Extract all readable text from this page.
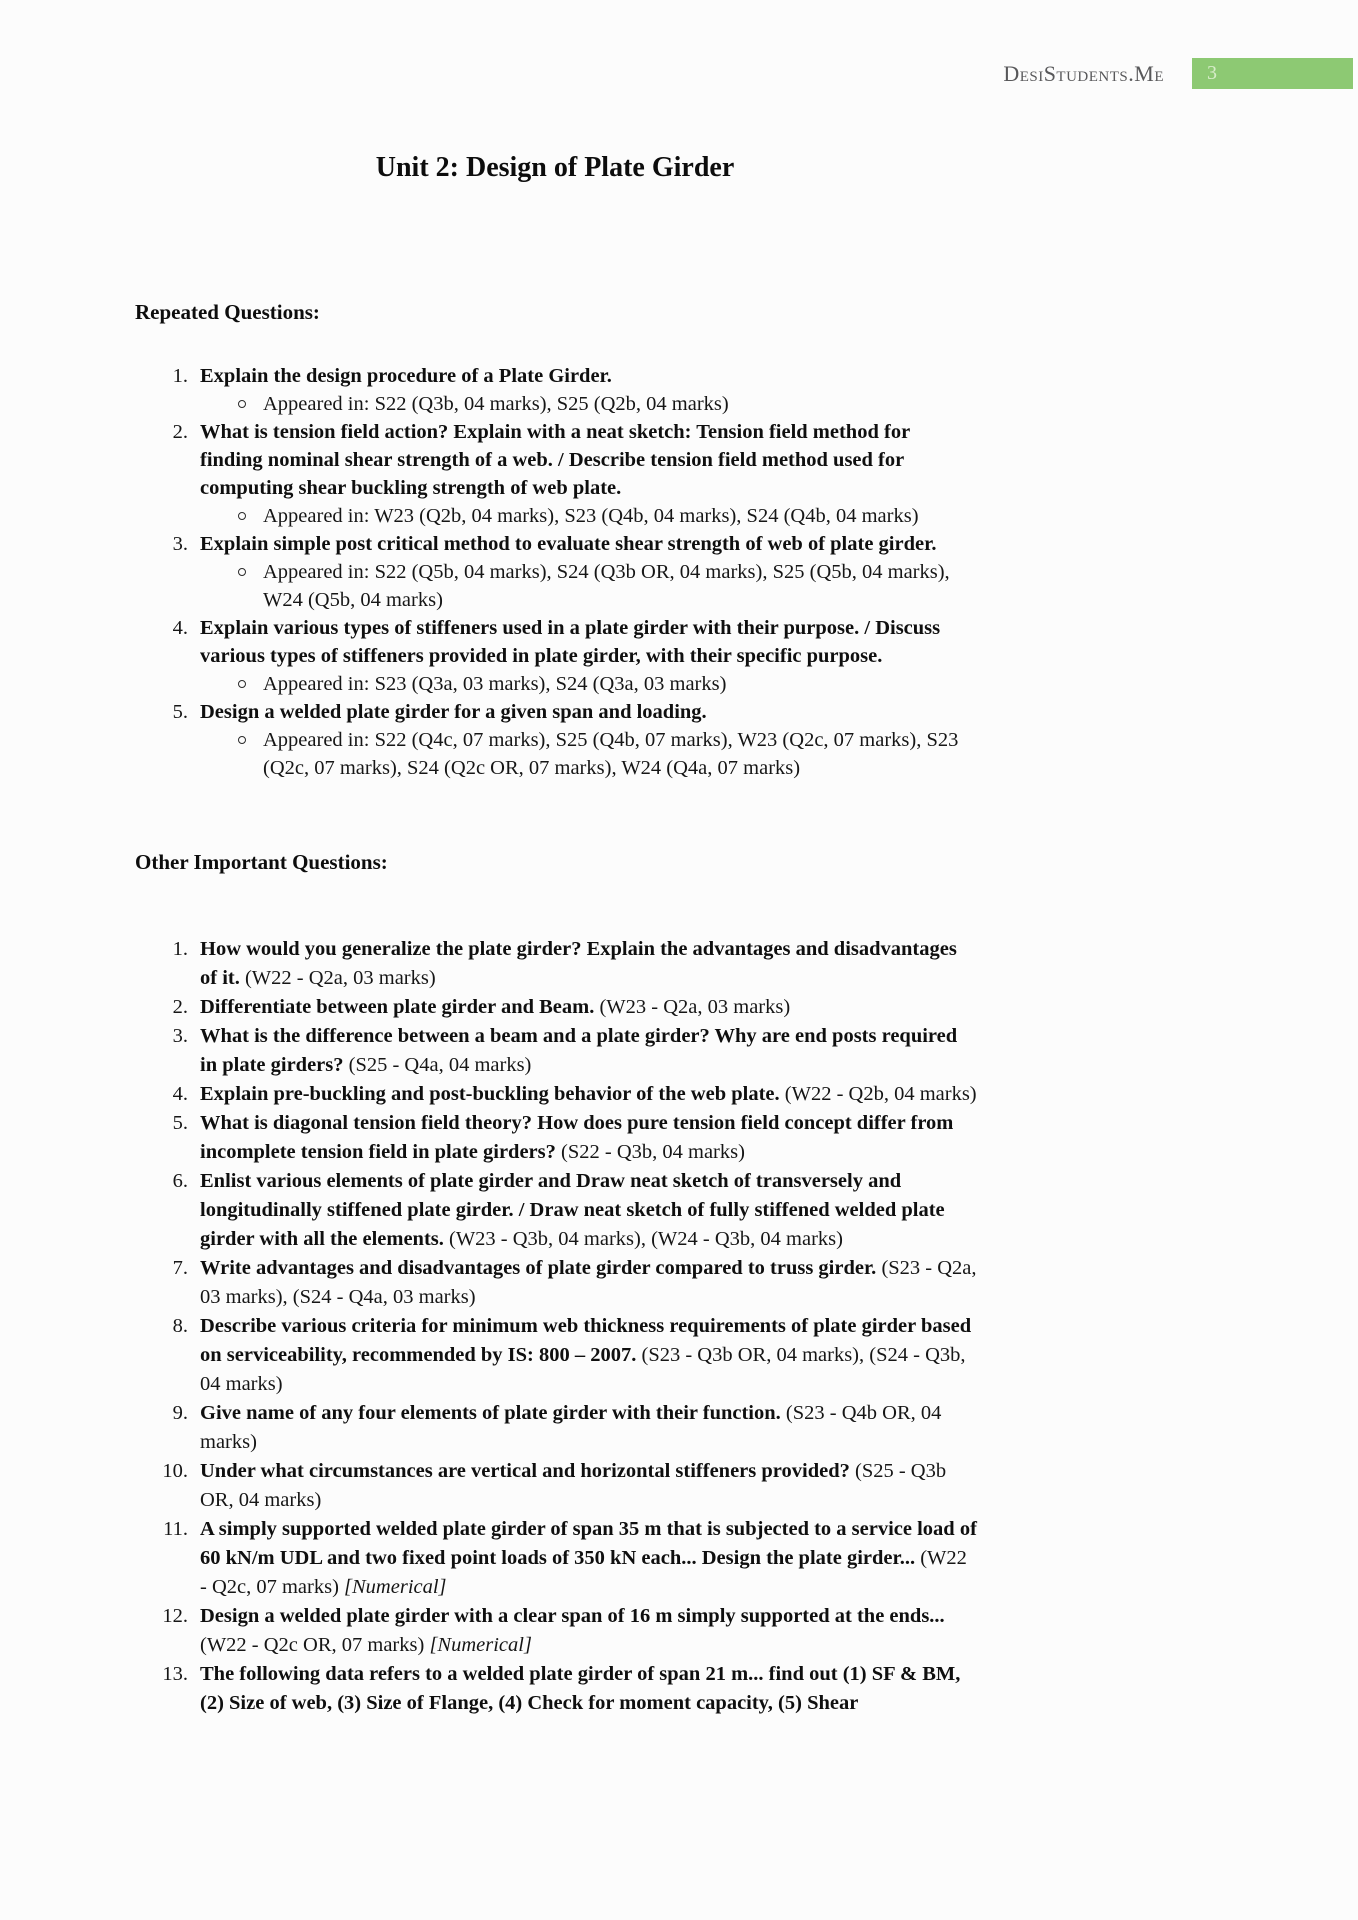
DesiStudents.Me 3
Unit 2: Design of Plate Girder
Repeated Questions:
1. Explain the design procedure of a Plate Girder.
Appeared in: S22 (Q3b, 04 marks), S25 (Q2b, 04 marks)
2. What is tension field action? Explain with a neat sketch: Tension field method for finding nominal shear strength of a web. / Describe tension field method used for computing shear buckling strength of web plate.
Appeared in: W23 (Q2b, 04 marks), S23 (Q4b, 04 marks), S24 (Q4b, 04 marks)
3. Explain simple post critical method to evaluate shear strength of web of plate girder.
Appeared in: S22 (Q5b, 04 marks), S24 (Q3b OR, 04 marks), S25 (Q5b, 04 marks), W24 (Q5b, 04 marks)
4. Explain various types of stiffeners used in a plate girder with their purpose. / Discuss various types of stiffeners provided in plate girder, with their specific purpose.
Appeared in: S23 (Q3a, 03 marks), S24 (Q3a, 03 marks)
5. Design a welded plate girder for a given span and loading.
Appeared in: S22 (Q4c, 07 marks), S25 (Q4b, 07 marks), W23 (Q2c, 07 marks), S23 (Q2c, 07 marks), S24 (Q2c OR, 07 marks), W24 (Q4a, 07 marks)
Other Important Questions:
1. How would you generalize the plate girder? Explain the advantages and disadvantages of it. (W22 - Q2a, 03 marks)
2. Differentiate between plate girder and Beam. (W23 - Q2a, 03 marks)
3. What is the difference between a beam and a plate girder? Why are end posts required in plate girders? (S25 - Q4a, 04 marks)
4. Explain pre-buckling and post-buckling behavior of the web plate. (W22 - Q2b, 04 marks)
5. What is diagonal tension field theory? How does pure tension field concept differ from incomplete tension field in plate girders? (S22 - Q3b, 04 marks)
6. Enlist various elements of plate girder and Draw neat sketch of transversely and longitudinally stiffened plate girder. / Draw neat sketch of fully stiffened welded plate girder with all the elements. (W23 - Q3b, 04 marks), (W24 - Q3b, 04 marks)
7. Write advantages and disadvantages of plate girder compared to truss girder. (S23 - Q2a, 03 marks), (S24 - Q4a, 03 marks)
8. Describe various criteria for minimum web thickness requirements of plate girder based on serviceability, recommended by IS: 800 – 2007. (S23 - Q3b OR, 04 marks), (S24 - Q3b, 04 marks)
9. Give name of any four elements of plate girder with their function. (S23 - Q4b OR, 04 marks)
10. Under what circumstances are vertical and horizontal stiffeners provided? (S25 - Q3b OR, 04 marks)
11. A simply supported welded plate girder of span 35 m that is subjected to a service load of 60 kN/m UDL and two fixed point loads of 350 kN each... Design the plate girder... (W22 - Q2c, 07 marks) [Numerical]
12. Design a welded plate girder with a clear span of 16 m simply supported at the ends... (W22 - Q2c OR, 07 marks) [Numerical]
13. The following data refers to a welded plate girder of span 21 m... find out (1) SF & BM, (2) Size of web, (3) Size of Flange, (4) Check for moment capacity, (5) Shear
